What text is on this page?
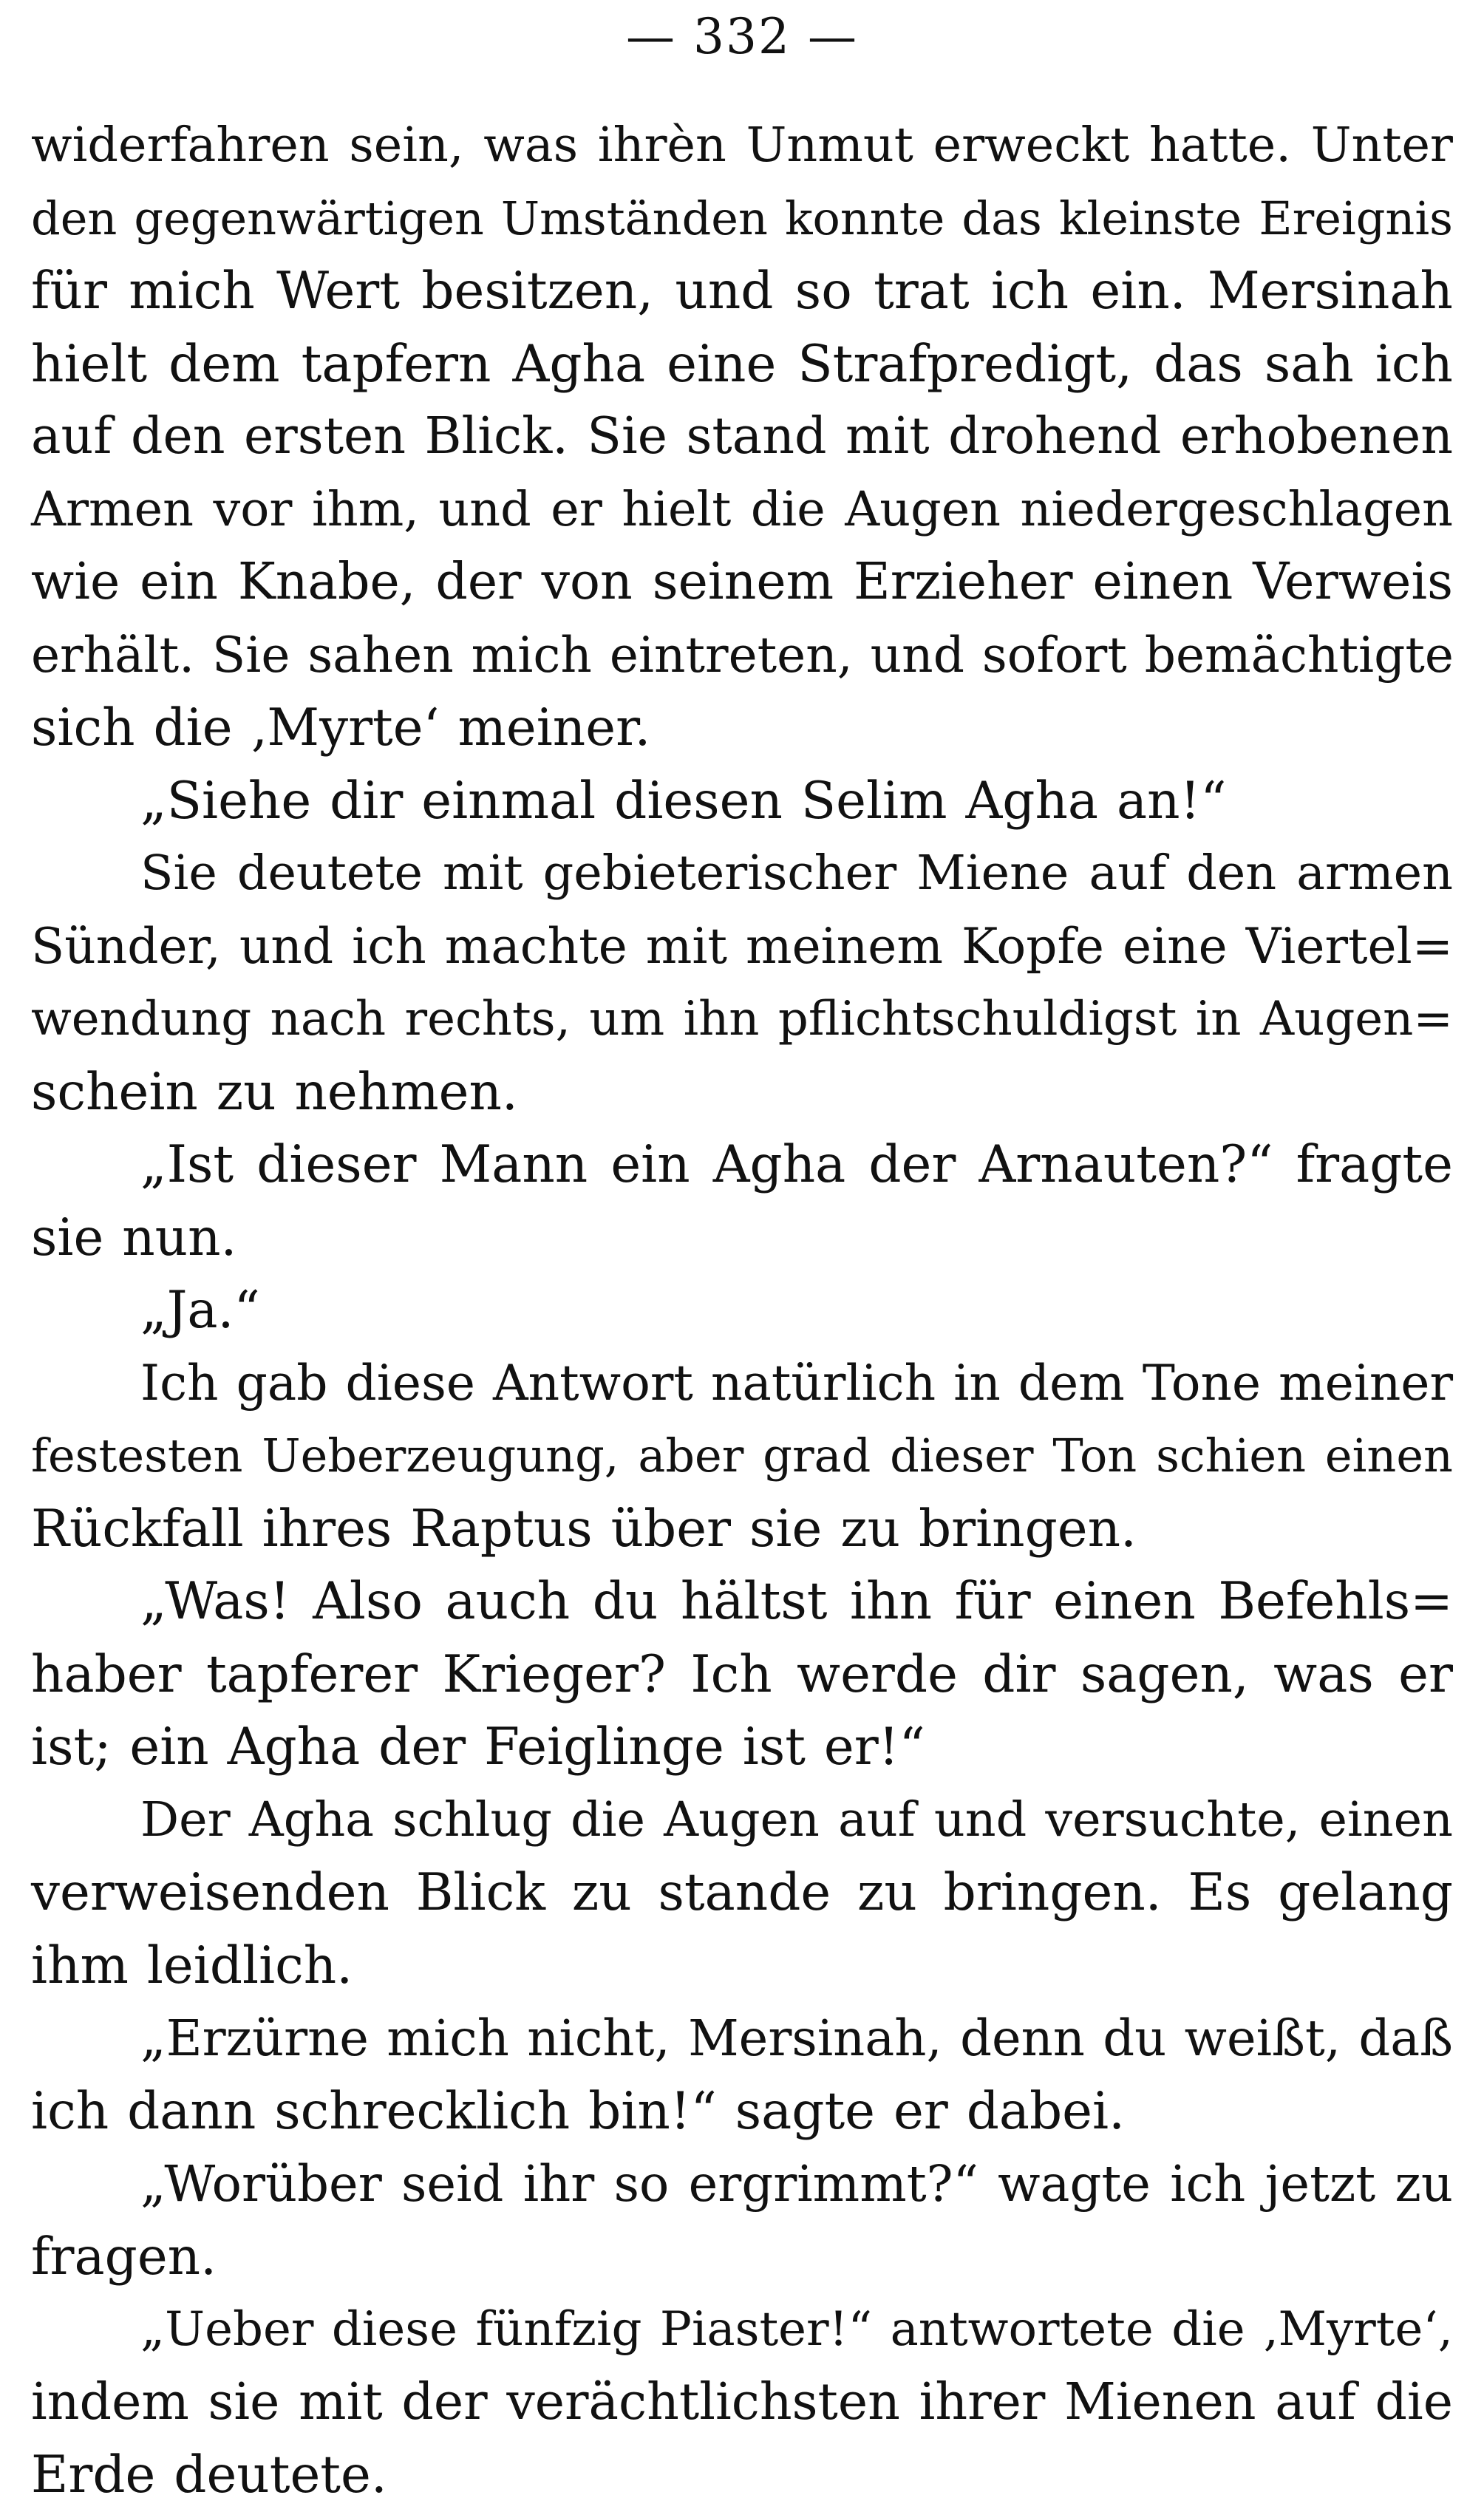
— 332 —
widerfahren sein, was ihrèn Unmut erweckt hatte. Unter
den gegenwärtigen Umständen konnte das kleinste Ereignis
für mich Wert besitzen, und so trat ich ein. Mersinah
hielt dem tapfern Agha eine Strafpredigt, das sah ich
auf den ersten Blick. Sie stand mit drohend erhobenen
Armen vor ihm, und er hielt die Augen niedergeschlagen
wie ein Knabe, der von seinem Erzieher einen Verweis
erhält. Sie sahen mich eintreten, und sofort bemächtigte
sich die ‚Myrte‘ meiner.
„Siehe dir einmal diesen Selim Agha an!“
Sie deutete mit gebieterischer Miene auf den armen
Sünder, und ich machte mit meinem Kopfe eine Viertel=
wendung nach rechts, um ihn pflichtschuldigst in Augen=
schein zu nehmen.
„Ist dieser Mann ein Agha der Arnauten?“ fragte
sie nun.
„Ja.“
Ich gab diese Antwort natürlich in dem Tone meiner
festesten Ueberzeugung, aber grad dieser Ton schien einen
Rückfall ihres Raptus über sie zu bringen.
„Was! Also auch du hältst ihn für einen Befehls=
haber tapferer Krieger? Ich werde dir sagen, was er
ist; ein Agha der Feiglinge ist er!“
Der Agha schlug die Augen auf und versuchte, einen
verweisenden Blick zu stande zu bringen. Es gelang
ihm leidlich.
„Erzürne mich nicht, Mersinah, denn du weißt, daß
ich dann schrecklich bin!“ sagte er dabei.
„Worüber seid ihr so ergrimmt?“ wagte ich jetzt zu
fragen.
„Ueber diese fünfzig Piaster!“ antwortete die ‚Myrte‘,
indem sie mit der verächtlichsten ihrer Mienen auf die
Erde deutete.
